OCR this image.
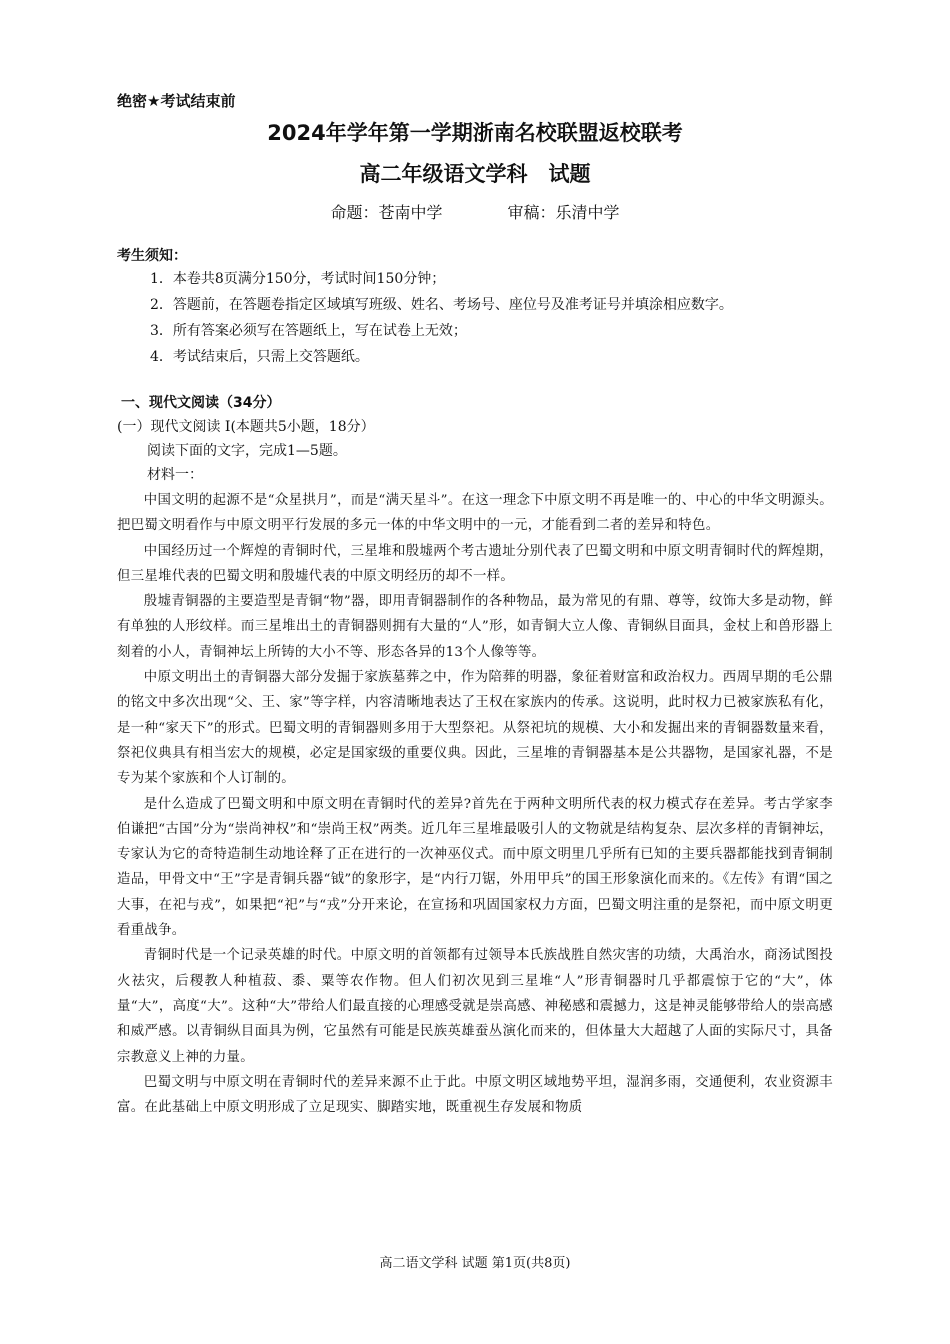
绝密★考试结束前
2024年学年第一学期浙南名校联盟返校联考
高二年级语文学科　试题
命题：苍南中学	审稿：乐清中学
考生须知：
1．本卷共8页满分150分，考试时间150分钟；
2．答题前，在答题卷指定区域填写班级、姓名、考场号、座位号及准考证号并填涂相应数字。
3．所有答案必须写在答题纸上，写在试卷上无效；
4．考试结束后，只需上交答题纸。
一、现代文阅读（34分）
(一）现代文阅读 I(本题共5小题，18分）
阅读下面的文字，完成1—5题。
材料一：

中国文明的起源不是“众星拱月”，而是“满天星斗”。在这一理念下中原文明不再是唯一的、中心的中华文明源头。把巴蜀文明看作与中原文明平行发展的多元一体的中华文明中的一元，才能看到二者的差异和特色。

中国经历过一个辉煌的青铜时代，三星堆和殷墟两个考古遗址分别代表了巴蜀文明和中原文明青铜时代的辉煌期，但三星堆代表的巴蜀文明和殷墟代表的中原文明经历的却不一样。

殷墟青铜器的主要造型是青铜“物”器，即用青铜器制作的各种物品，最为常见的有鼎、尊等，纹饰大多是动物，鲜有单独的人形纹样。而三星堆出土的青铜器则拥有大量的“人”形，如青铜大立人像、青铜纵目面具，金杖上和兽形器上刻着的小人，青铜神坛上所铸的大小不等、形态各异的13个人像等等。

中原文明出土的青铜器大部分发掘于家族墓葬之中，作为陪葬的明器，象征着财富和政治权力。西周早期的毛公鼎的铭文中多次出现“父、王、家”等字样，内容清晰地表达了王权在家族内的传承。这说明，此时权力已被家族私有化，是一种“家天下”的形式。巴蜀文明的青铜器则多用于大型祭祀。从祭祀坑的规模、大小和发掘出来的青铜器数量来看，祭祀仪典具有相当宏大的规模，必定是国家级的重要仪典。因此，三星堆的青铜器基本是公共器物，是国家礼器，不是专为某个家族和个人订制的。

是什么造成了巴蜀文明和中原文明在青铜时代的差异?首先在于两种文明所代表的权力模式存在差异。考古学家李伯谦把“古国”分为“崇尚神权”和“崇尚王权”两类。近几年三星堆最吸引人的文物就是结构复杂、层次多样的青铜神坛，专家认为它的奇特造制生动地诠释了正在进行的一次神巫仪式。而中原文明里几乎所有已知的主要兵器都能找到青铜制造品，甲骨文中“王”字是青铜兵器“钺”的象形字，是“内行刀锯，外用甲兵”的国王形象演化而来的。《左传》有谓“国之大事，在祀与戎”，如果把“祀”与“戎”分开来论，在宣扬和巩固国家权力方面，巴蜀文明注重的是祭祀，而中原文明更看重战争。

青铜时代是一个记录英雄的时代。中原文明的首领都有过领导本氏族战胜自然灾害的功绩，大禹治水，商汤试图投火祛灾，后稷教人种植菽、黍、粟等农作物。但人们初次见到三星堆“人”形青铜器时几乎都震惊于它的“大”，体量“大”，高度“大”。这种“大”带给人们最直接的心理感受就是崇高感、神秘感和震撼力，这是神灵能够带给人的崇高感和威严感。以青铜纵目面具为例，它虽然有可能是民族英雄蚕丛演化而来的，但体量大大超越了人面的实际尺寸，具备宗教意义上神的力量。

巴蜀文明与中原文明在青铜时代的差异来源不止于此。中原文明区域地势平坦，湿润多雨，交通便利，农业资源丰富。在此基础上中原文明形成了立足现实、脚踏实地，既重视生存发展和物质

高二语文学科 试题 第1页(共8页)
